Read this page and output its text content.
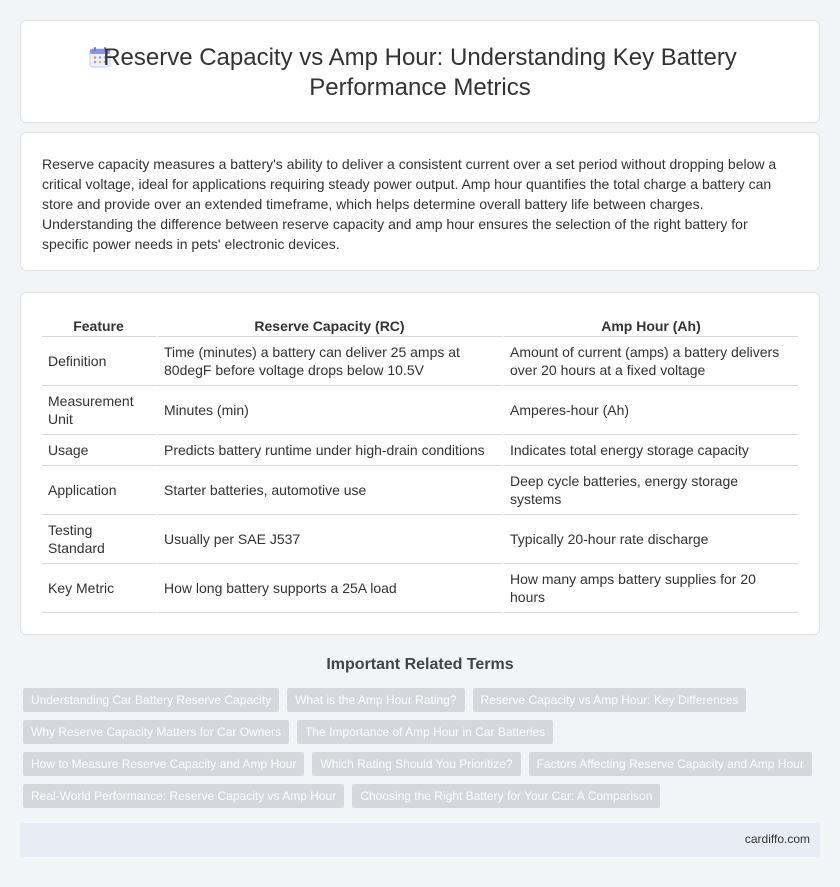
Reserve Capacity vs Amp Hour: Understanding Key Battery Performance Metrics

Reserve capacity measures a battery's ability to deliver a consistent current over a set period without dropping below a critical voltage, ideal for applications requiring steady power output. Amp hour quantifies the total charge a battery can store and provide over an extended timeframe, which helps determine overall battery life between charges. Understanding the difference between reserve capacity and amp hour ensures the selection of the right battery for specific power needs in pets' electronic devices.

Feature	Reserve Capacity (RC)	Amp Hour (Ah)
Definition	Time (minutes) a battery can deliver 25 amps at 80degF before voltage drops below 10.5V	Amount of current (amps) a battery delivers over 20 hours at a fixed voltage
Measurement Unit	Minutes (min)	Amperes-hour (Ah)
Usage	Predicts battery runtime under high-drain conditions	Indicates total energy storage capacity
Application	Starter batteries, automotive use	Deep cycle batteries, energy storage systems
Testing Standard	Usually per SAE J537	Typically 20-hour rate discharge
Key Metric	How long battery supports a 25A load	How many amps battery supplies for 20 hours
Important Related Terms
Understanding Car Battery Reserve Capacity	What is the Amp Hour Rating?	Reserve Capacity vs Amp Hour: Key Differences
Why Reserve Capacity Matters for Car Owners	The Importance of Amp Hour in Car Batteries
How to Measure Reserve Capacity and Amp Hour	Which Rating Should You Prioritize?	Factors Affecting Reserve Capacity and Amp Hour
Real-World Performance: Reserve Capacity vs Amp Hour	Choosing the Right Battery for Your Car: A Comparison
cardiffo.com
